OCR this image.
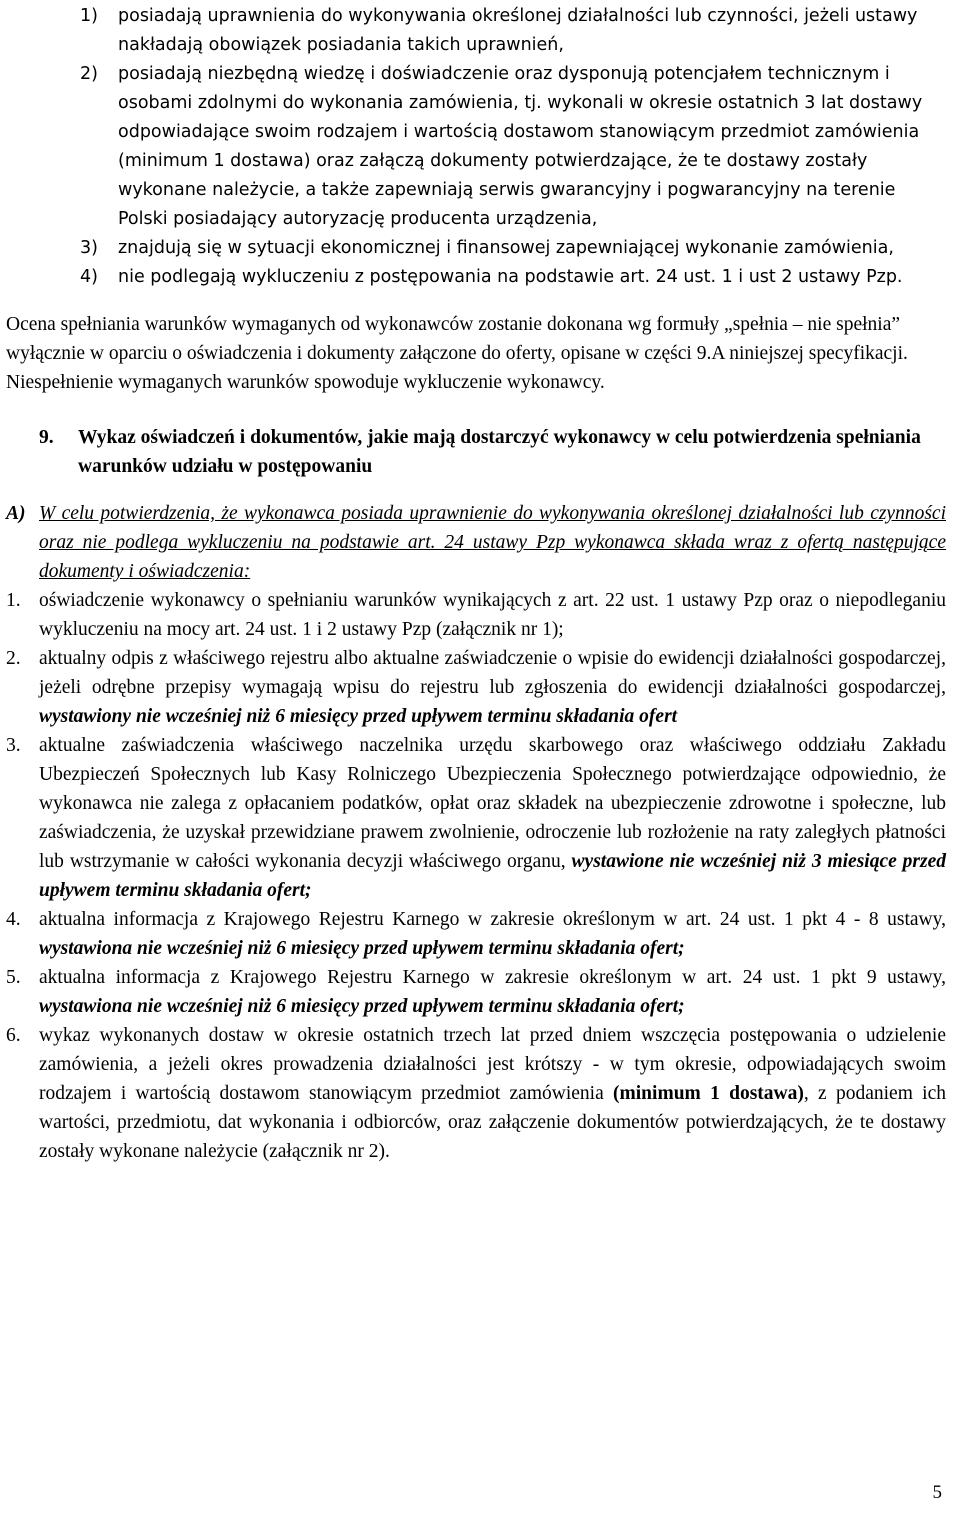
1) posiadają uprawnienia do wykonywania określonej działalności lub czynności, jeżeli ustawy nakładają obowiązek posiadania takich uprawnień,
2) posiadają niezbędną wiedzę i doświadczenie oraz dysponują potencjałem technicznym i osobami zdolnymi do wykonania zamówienia, tj. wykonali w okresie ostatnich 3 lat dostawy odpowiadające swoim rodzajem i wartością dostawom stanowiącym przedmiot zamówienia (minimum 1 dostawa) oraz załączą dokumenty potwierdzające, że te dostawy zostały wykonane należycie, a także zapewniają serwis gwarancyjny i pogwarancyjny na terenie Polski posiadający autoryzację producenta urządzenia,
3) znajdują się w sytuacji ekonomicznej i finansowej zapewniającej wykonanie zamówienia,
4) nie podlegają wykluczeniu z postępowania na podstawie art. 24 ust. 1 i ust 2 ustawy Pzp.

Ocena spełniania warunków wymaganych od wykonawców zostanie dokonana wg formuły „spełnia – nie spełnia” wyłącznie w oparciu o oświadczenia i dokumenty załączone do oferty, opisane w części 9.A niniejszej specyfikacji.

Niespełnienie wymaganych warunków spowoduje wykluczenie wykonawcy.

9. Wykaz oświadczeń i dokumentów, jakie mają dostarczyć wykonawcy w celu potwierdzenia spełniania warunków udziału w postępowaniu
A) W celu potwierdzenia, że wykonawca posiada uprawnienie do wykonywania określonej działalności lub czynności oraz nie podlega wykluczeniu na podstawie art. 24 ustawy Pzp wykonawca składa wraz z ofertą następujące dokumenty i oświadczenia:
1. oświadczenie wykonawcy o spełnianiu warunków wynikających z art. 22 ust. 1 ustawy Pzp oraz o niepodleganiu wykluczeniu na mocy art. 24 ust. 1 i 2 ustawy Pzp (załącznik nr 1);
2. aktualny odpis z właściwego rejestru albo aktualne zaświadczenie o wpisie do ewidencji działalności gospodarczej, jeżeli odrębne przepisy wymagają wpisu do rejestru lub zgłoszenia do ewidencji działalności gospodarczej, wystawiony nie wcześniej niż 6 miesięcy przed upływem terminu składania ofert
3. aktualne zaświadczenia właściwego naczelnika urzędu skarbowego oraz właściwego oddziału Zakładu Ubezpieczeń Społecznych lub Kasy Rolniczego Ubezpieczenia Społecznego potwierdzające odpowiednio, że wykonawca nie zalega z opłacaniem podatków, opłat oraz składek na ubezpieczenie zdrowotne i społeczne, lub zaświadczenia, że uzyskał przewidziane prawem zwolnienie, odroczenie lub rozłożenie na raty zaległych płatności lub wstrzymanie w całości wykonania decyzji właściwego organu, wystawione nie wcześniej niż 3 miesiące przed upływem terminu składania ofert;
4. aktualna informacja z Krajowego Rejestru Karnego w zakresie określonym w art. 24 ust. 1 pkt 4 - 8 ustawy, wystawiona nie wcześniej niż 6 miesięcy przed upływem terminu składania ofert;
5. aktualna informacja z Krajowego Rejestru Karnego w zakresie określonym w art. 24 ust. 1 pkt 9 ustawy, wystawiona nie wcześniej niż 6 miesięcy przed upływem terminu składania ofert;
6. wykaz wykonanych dostaw w okresie ostatnich trzech lat przed dniem wszczęcia postępowania o udzielenie zamówienia, a jeżeli okres prowadzenia działalności jest krótszy - w tym okresie, odpowiadających swoim rodzajem i wartością dostawom stanowiącym przedmiot zamówienia (minimum 1 dostawa), z podaniem ich wartości, przedmiotu, dat wykonania i odbiorców, oraz załączenie dokumentów potwierdzających, że te dostawy zostały wykonane należycie (załącznik nr 2).
5
